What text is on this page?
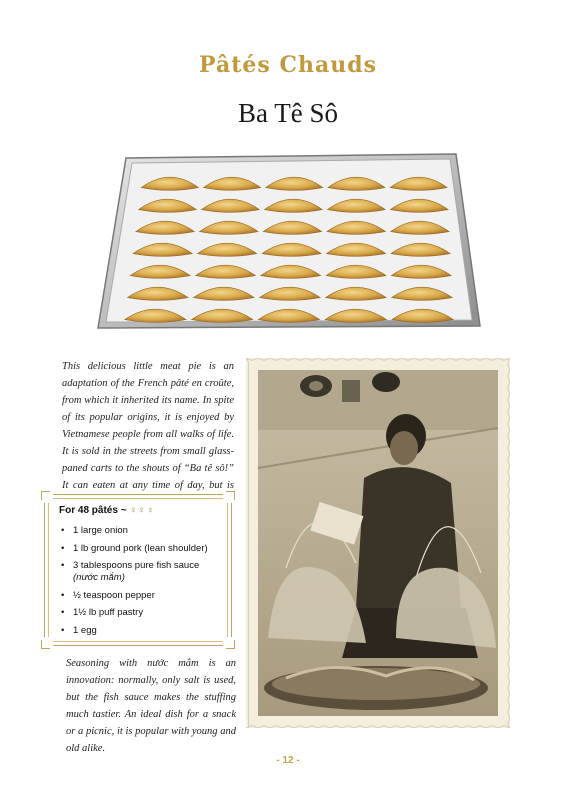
Pâtés Chauds
Ba Tê Sô
This delicious little meat pie is an adaptation of the French pâté en croûte, from which it inherited its name. In spite of its popular origins, it is enjoyed by Vietnamese people from all walks of life. It is sold in the streets from small glass-paned carts to the shouts of “Ba tê sô!” It can eaten at any time of day, but is
For 48 pâtés ~ ♀♀♀
• 1 large onion
• 1 lb ground pork (lean shoulder)
• 3 tablespoons pure fish sauce
(nước mắm)
• ½ teaspoon pepper
• 1½ lb puff pastry
• 1 egg
Seasoning with nước mắm is an innovation: normally, only salt is used, but the fish sauce makes the stuffing much tastier. An ideal dish for a snack or a picnic, it is popular with young and old alike.
- 12 -
